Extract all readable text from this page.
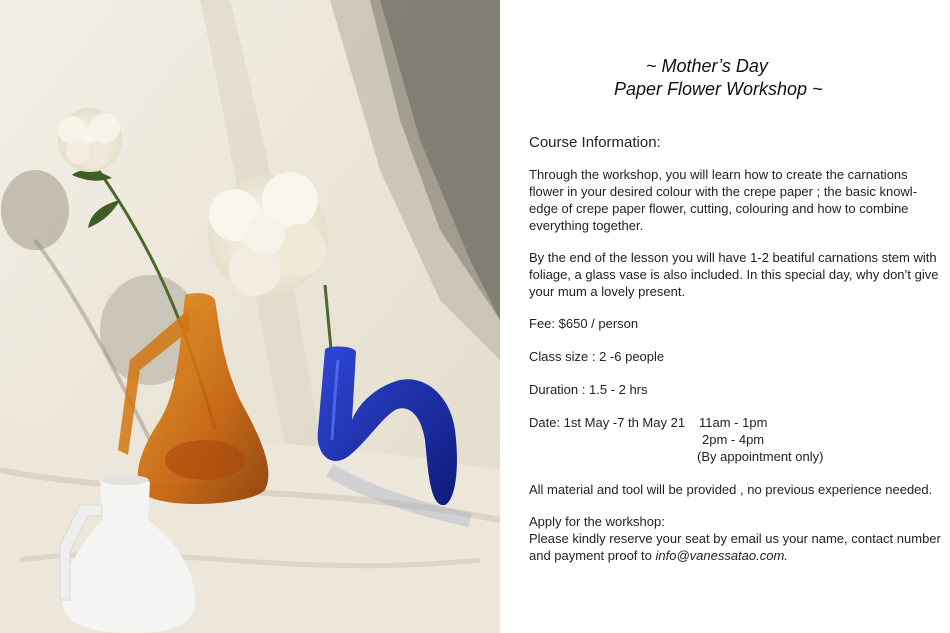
~ Mother’s Day
Paper Flower Workshop ~
Course Information:
Through the workshop, you will learn how to create the carnations flower in your desired colour with the crepe paper ; the basic knowl-edge of crepe paper flower, cutting, colouring and how to combine everything together.
By the end of the lesson you will have 1-2 beatiful carnations stem with foliage, a glass vase is also included. In this special day, why don’t give your mum a lovely present.
Fee: $650 / person
Class size : 2 -6 people
Duration : 1.5 - 2 hrs
Date: 1st May -7 th May 21	11am - 1pm
2pm - 4pm
(By appointment only)
All material and tool will be provided , no previous experience needed.
Apply for the workshop:
Please kindly reserve your seat by email us your name, contact number and payment proof to info@vanessatao.com.
